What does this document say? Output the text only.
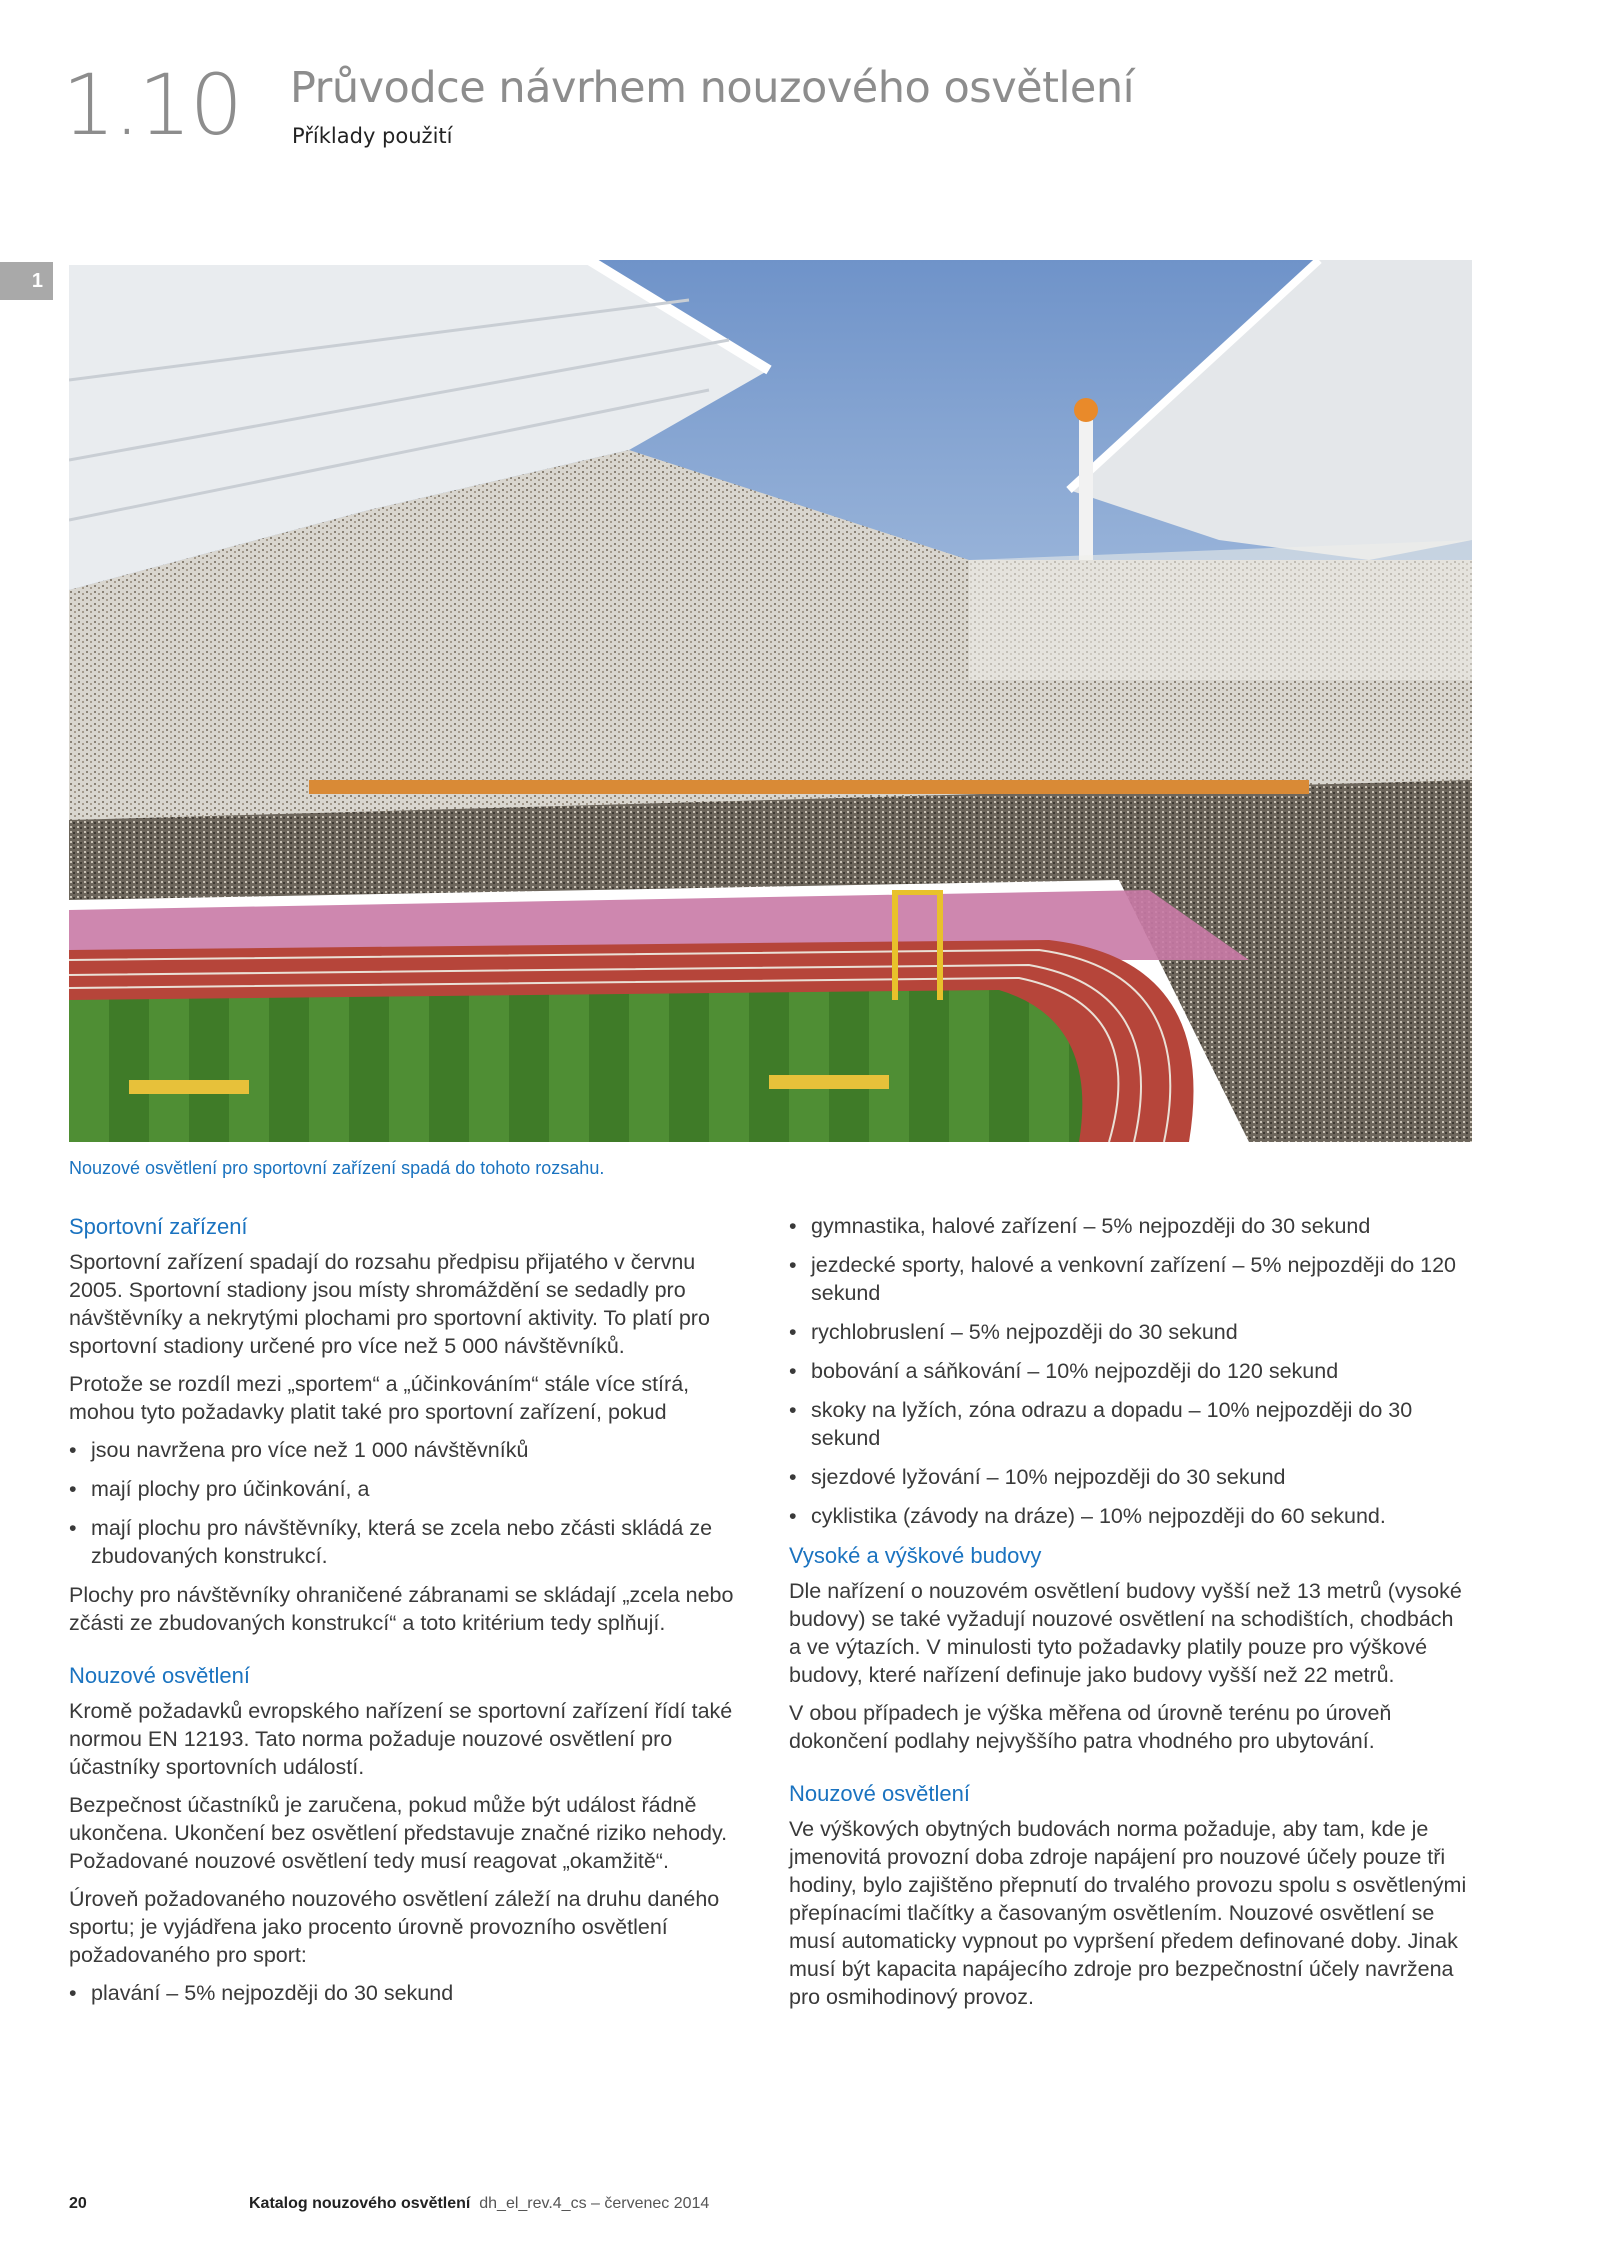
1.10 Průvodce návrhem nouzového osvětlení
Příklady použití
1
Nouzové osvětlení pro sportovní zařízení spadá do tohoto rozsahu.
Sportovní zařízení
Sportovní zařízení spadají do rozsahu předpisu přijatého v červnu 2005. Sportovní stadiony jsou místy shromáždění se sedadly pro návštěvníky a nekrytými plochami pro sportovní aktivity. To platí pro sportovní stadiony určené pro více než 5 000 návštěvníků.
Protože se rozdíl mezi „sportem“ a „účinkováním“ stále více stírá, mohou tyto požadavky platit také pro sportovní zařízení, pokud
• jsou navržena pro více než 1 000 návštěvníků
• mají plochy pro účinkování, a
• mají plochu pro návštěvníky, která se zcela nebo zčásti skládá ze zbudovaných konstrukcí.
Plochy pro návštěvníky ohraničené zábranami se skládají „zcela nebo zčásti ze zbudovaných konstrukcí“ a toto kritérium tedy splňují.
Nouzové osvětlení
Kromě požadavků evropského nařízení se sportovní zařízení řídí také normou EN 12193. Tato norma požaduje nouzové osvětlení pro účastníky sportovních událostí.
Bezpečnost účastníků je zaručena, pokud může být událost řádně ukončena. Ukončení bez osvětlení představuje značné riziko nehody. Požadované nouzové osvětlení tedy musí reagovat „okamžitě“.
Úroveň požadovaného nouzového osvětlení záleží na druhu daného sportu; je vyjádřena jako procento úrovně provozního osvětlení požadovaného pro sport:
• plavání – 5% nejpozději do 30 sekund
• gymnastika, halové zařízení – 5% nejpozději do 30 sekund
• jezdecké sporty, halové a venkovní zařízení – 5% nejpozději do 120 sekund
• rychlobruslení – 5% nejpozději do 30 sekund
• bobování a sáňkování – 10% nejpozději do 120 sekund
• skoky na lyžích, zóna odrazu a dopadu – 10% nejpozději do 30 sekund
• sjezdové lyžování – 10% nejpozději do 30 sekund
• cyklistika (závody na dráze) – 10% nejpozději do 60 sekund.
Vysoké a výškové budovy
Dle nařízení o nouzovém osvětlení budovy vyšší než 13 metrů (vysoké budovy) se také vyžadují nouzové osvětlení na schodištích, chodbách a ve výtazích. V minulosti tyto požadavky platily pouze pro výškové budovy, které nařízení definuje jako budovy vyšší než 22 metrů.
V obou případech je výška měřena od úrovně terénu po úroveň dokončení podlahy nejvyššího patra vhodného pro ubytování.
Nouzové osvětlení
Ve výškových obytných budovách norma požaduje, aby tam, kde je jmenovitá provozní doba zdroje napájení pro nouzové účely pouze tři hodiny, bylo zajištěno přepnutí do trvalého provozu spolu s osvětlenými přepínacími tlačítky a časovaným osvětlením. Nouzové osvětlení se musí automaticky vypnout po vypršení předem definované doby. Jinak musí být kapacita napájecího zdroje pro bezpečnostní účely navržena pro osmihodinový provoz.
20	Katalog nouzového osvětlení dh_el_rev.4_cs – červenec 2014
